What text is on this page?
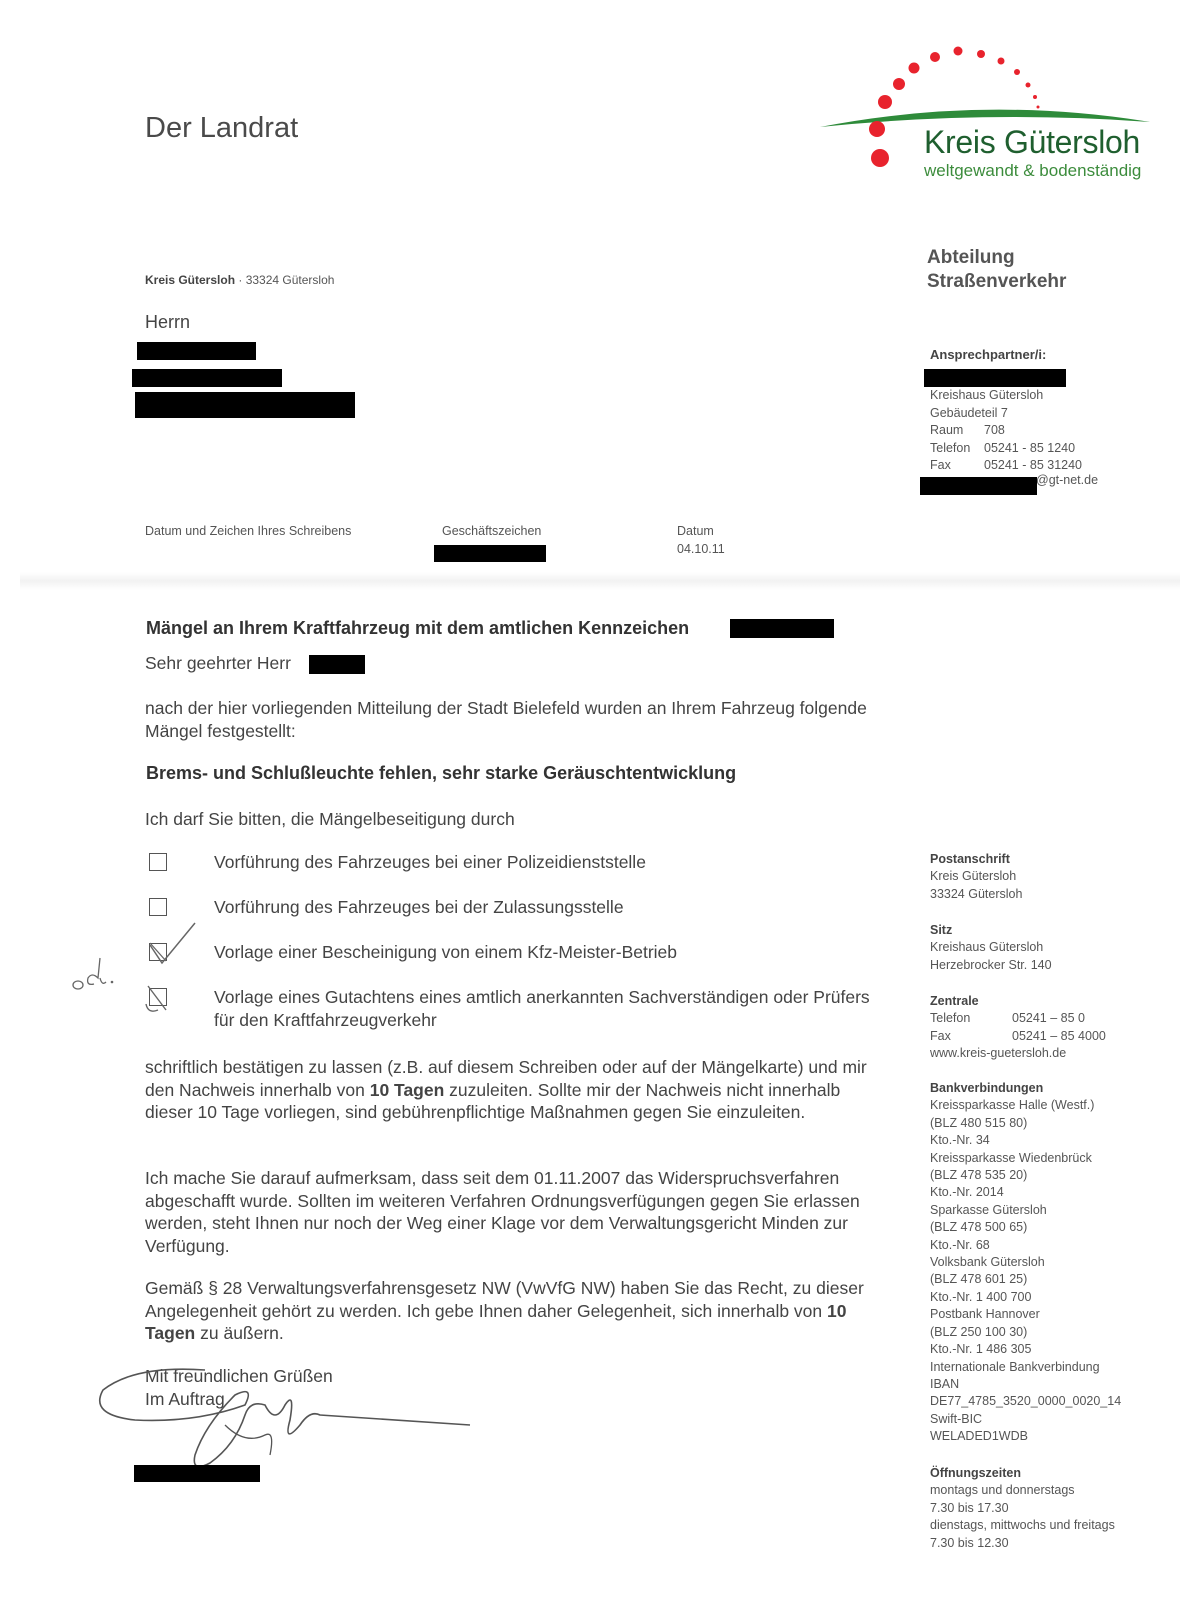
Der Landrat	Kreis Gütersloh
weltgewandt & bodenständig
Abteilung
Straßenverkehr
Kreis Gütersloh · 33324 Gütersloh
Herrn
Ansprechpartner/i:
Kreishaus Gütersloh
Gebäudeteil 7
Raum 708
Telefon 05241 - 85 1240
Fax	05241 - 85 31240
@gt-net.de
Datum und Zeichen Ihres Schreibens	Geschäftszeichen	Datum
04.10.11
Mängel an Ihrem Kraftfahrzeug mit dem amtlichen Kennzeichen
Sehr geehrter Herr
nach der hier vorliegenden Mitteilung der Stadt Bielefeld wurden an Ihrem Fahrzeug folgende Mängel festgestellt:
Brems- und Schlußleuchte fehlen, sehr starke Geräuschtentwicklung
Ich darf Sie bitten, die Mängelbeseitigung durch
Vorführung des Fahrzeuges bei einer Polizeidienststelle
Vorführung des Fahrzeuges bei der Zulassungsstelle
Vorlage einer Bescheinigung von einem Kfz-Meister-Betrieb
Vorlage eines Gutachtens eines amtlich anerkannten Sachverständigen oder Prüfers für den Kraftfahrzeugverkehr
schriftlich bestätigen zu lassen (z.B. auf diesem Schreiben oder auf der Mängelkarte) und mir den Nachweis innerhalb von 10 Tagen zuzuleiten. Sollte mir der Nachweis nicht innerhalb dieser 10 Tage vorliegen, sind gebührenpflichtige Maßnahmen gegen Sie einzuleiten.
Ich mache Sie darauf aufmerksam, dass seit dem 01.11.2007 das Widerspruchsverfahren abgeschafft wurde. Sollten im weiteren Verfahren Ordnungsverfügungen gegen Sie erlassen werden, steht Ihnen nur noch der Weg einer Klage vor dem Verwaltungsgericht Minden zur Verfügung.
Gemäß § 28 Verwaltungsverfahrensgesetz NW (VwVfG NW) haben Sie das Recht, zu dieser Angelegenheit gehört zu werden. Ich gebe Ihnen daher Gelegenheit, sich innerhalb von 10 Tagen zu äußern.
Mit freundlichen Grüßen
Im Auftrag
Postanschrift
Kreis Gütersloh
33324 Gütersloh
Sitz
Kreishaus Gütersloh
Herzebrocker Str. 140
Zentrale
Telefon	05241 – 85 0
Fax	05241 – 85 4000
www.kreis-guetersloh.de
Bankverbindungen
Kreissparkasse Halle (Westf.)
(BLZ 480 515 80)
Kto.-Nr. 34
Kreissparkasse Wiedenbrück
(BLZ 478 535 20)
Kto.-Nr. 2014
Sparkasse Gütersloh
(BLZ 478 500 65)
Kto.-Nr. 68
Volksbank Gütersloh
(BLZ 478 601 25)
Kto.-Nr. 1 400 700
Postbank Hannover
(BLZ 250 100 30)
Kto.-Nr. 1 486 305
Internationale Bankverbindung
IBAN
DE77_4785_3520_0000_0020_14
Swift-BIC
WELADED1WDB
Öffnungszeiten
montags und donnerstags
7.30 bis 17.30
dienstags, mittwochs und freitags
7.30 bis 12.30
